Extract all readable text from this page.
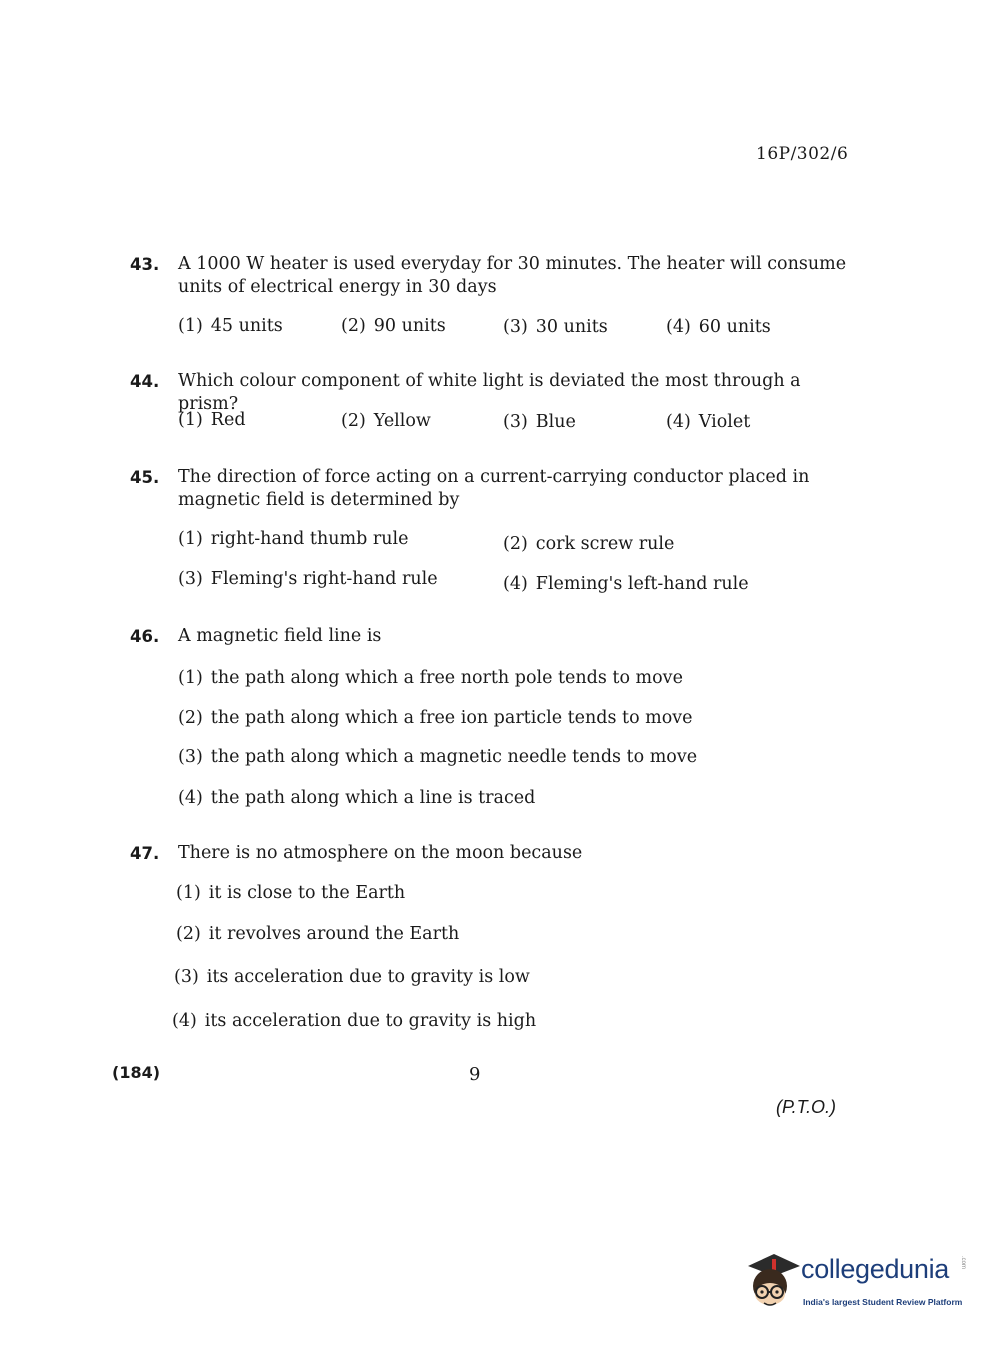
16P/302/6
43. A 1000 W heater is used everyday for 30 minutes. The heater will consume units of electrical energy in 30 days
(1) 45 units	(2) 90 units	(3) 30 units	(4) 60 units
44. Which colour component of white light is deviated the most through a prism?
(1) Red	(2) Yellow	(3) Blue	(4) Violet
45. The direction of force acting on a current-carrying conductor placed in magnetic field is determined by
(1) right-hand thumb rule	(2) cork screw rule
(3) Fleming's right-hand rule	(4) Fleming's left-hand rule
46. A magnetic field line is
(1) the path along which a free north pole tends to move
(2) the path along which a free ion particle tends to move
(3) the path along which a magnetic needle tends to move
(4) the path along which a line is traced
47. There is no atmosphere on the moon because
(1) it is close to the Earth
(2) it revolves around the Earth
(3) its acceleration due to gravity is low
(4) its acceleration due to gravity is high
(184)	9
(P.T.O.)
collegedunia .com
India's largest Student Review Platform
